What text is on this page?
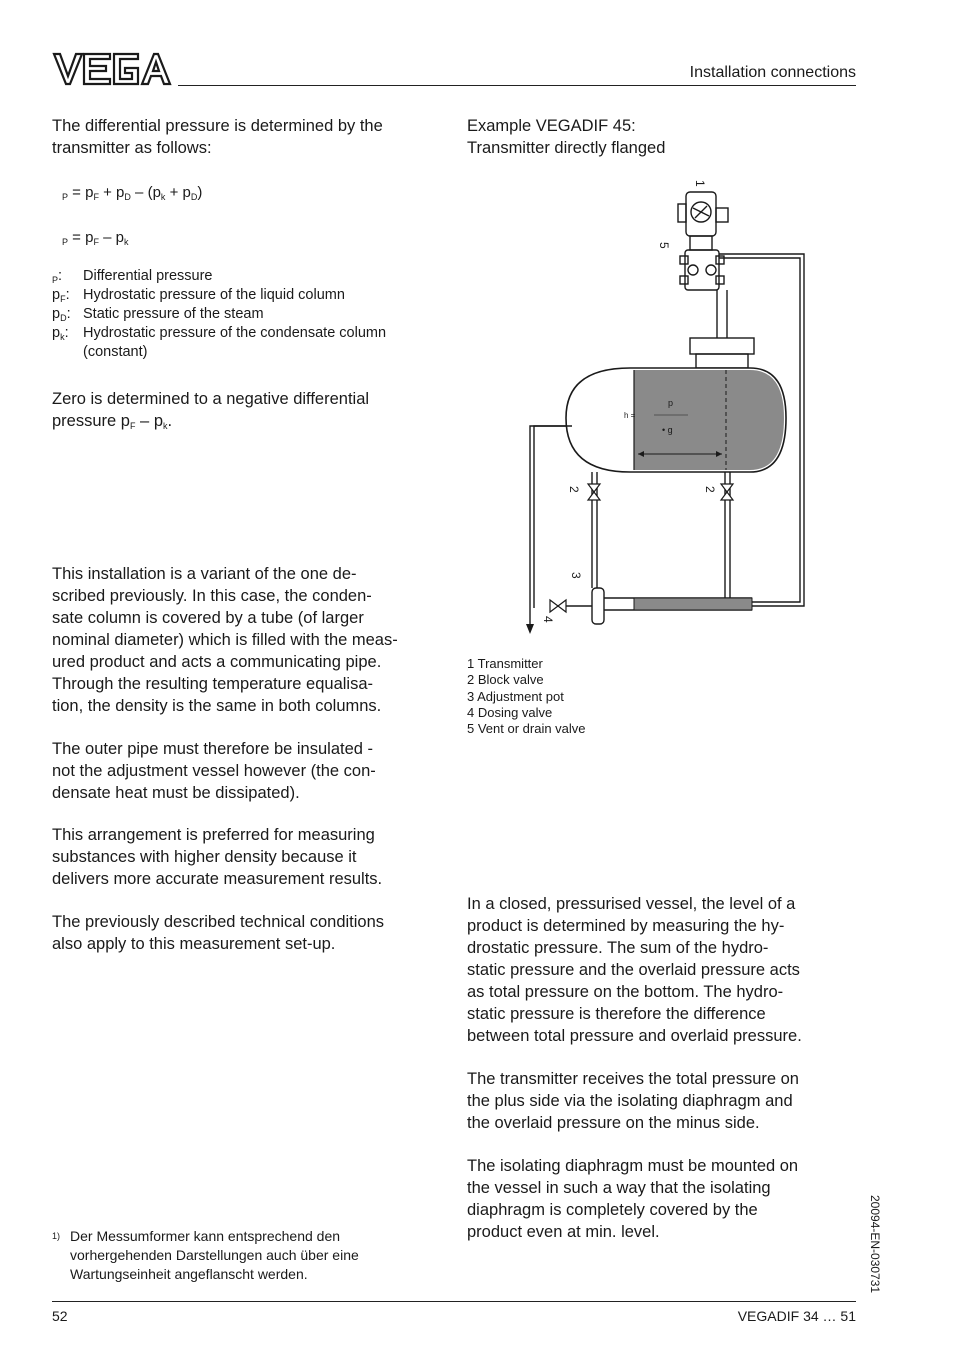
Installation connections
The differential pressure is determined by the
transmitter as follows:
$_P = p_F + p_D - (p_k + p_D)$
$_P = p_F - p_k$
$_P$: Differential pressure
$p_F$: Hydrostatic pressure of the liquid column
$p_D$: Static pressure of the steam
$p_k$: Hydrostatic pressure of the condensate column
(constant)
Zero is determined to a negative differential
pressure $p_F - p_k$.
This installation is a variant of the one de-
scribed previously. In this case, the conden-
sate column is covered by a tube (of larger
nominal diameter) which is filled with the meas-
ured product and acts a communicating pipe.
Through the resulting temperature equalisa-
tion, the density is the same in both columns.
The outer pipe must therefore be insulated -
not the adjustment vessel however (the con-
densate heat must be dissipated).
This arrangement is preferred for measuring
substances with higher density because it
delivers more accurate measurement results.
The previously described technical conditions
also apply to this measurement set-up.
1) Der Messumformer kann entsprechend den
vorhergehenden Darstellungen auch über eine
Wartungseinheit angeflanscht werden.
Example VEGADIF 45:
Transmitter directly flanged
1
5
2	2
3
4
h =
p
• g
1 Transmitter
2 Block valve
3 Adjustment pot
4 Dosing valve
5 Vent or drain valve
In a closed, pressurised vessel, the level of a
product is determined by measuring the hy-
drostatic pressure. The sum of the hydro-
static pressure and the overlaid pressure acts
as total pressure on the bottom. The hydro-
static pressure is therefore the difference
between total pressure and overlaid pressure.
The transmitter receives the total pressure on
the plus side via the isolating diaphragm and
the overlaid pressure on the minus side.
The isolating diaphragm must be mounted on
the vessel in such a way that the isolating
diaphragm is completely covered by the
product even at min. level.	20094-EN-030731
52	VEGADIF 34 … 51
